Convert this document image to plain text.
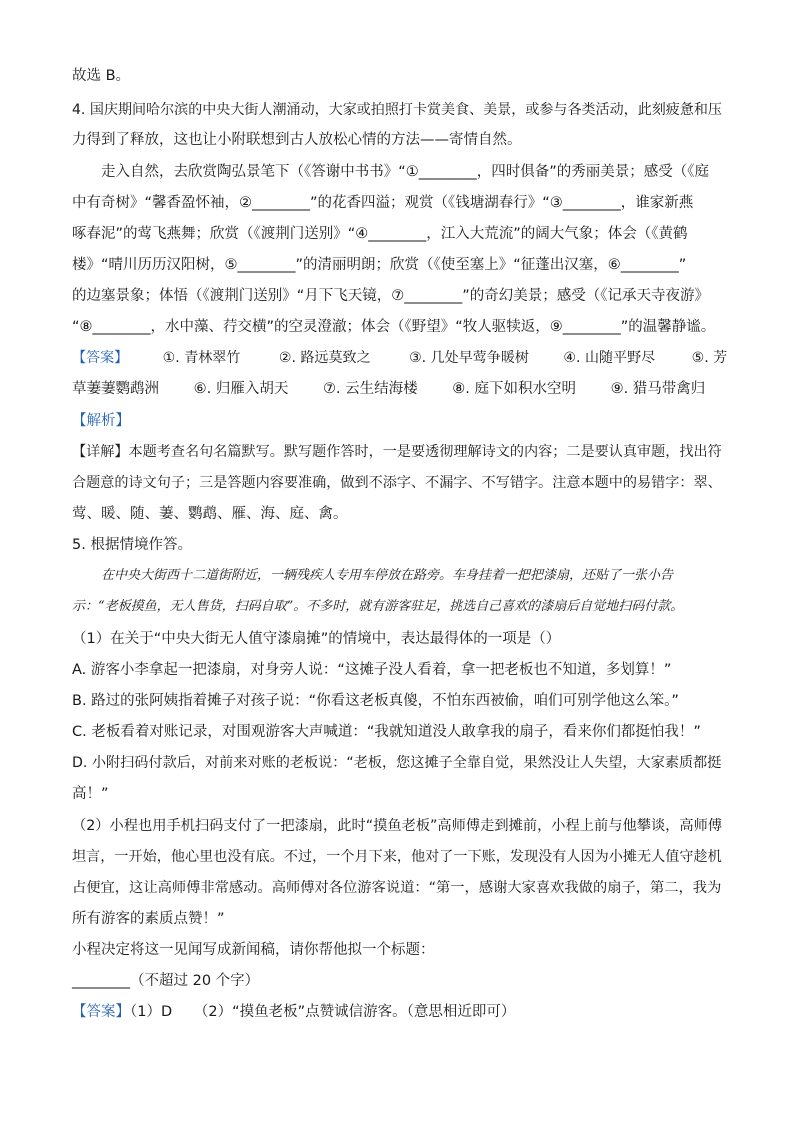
故选 B。
4. 国庆期间哈尔滨的中央大街人潮涌动，大家或拍照打卡赏美食、美景，或参与各类活动，此刻疲惫和压
力得到了释放，这也让小附联想到古人放松心情的方法——寄情自然。
走入自然，去欣赏陶弘景笔下（《答谢中书书》“①________，四时俱备”的秀丽美景；感受（《庭
中有奇树》“馨香盈怀袖，②________”的花香四溢；观赏（《钱塘湖春行》“③________，谁家新燕
啄春泥”的莺飞燕舞；欣赏（《渡荆门送别》“④________，江入大荒流”的阔大气象；体会（《黄鹤
楼》“晴川历历汉阳树，⑤________”的清丽明朗；欣赏（《使至塞上》“征蓬出汉塞，⑥________”
的边塞景象；体悟（《渡荆门送别》“月下飞天镜，⑦________”的奇幻美景；感受（《记承天寺夜游》
“⑧________，水中藻、荇交横”的空灵澄澈；体会（《野望》“牧人驱犊返，⑨________”的温馨静谧。
【答案】 ①. 青林翠竹	②. 路远莫致之	③. 几处早莺争暖树 ④. 山随平野尽	⑤. 芳
草萋萋鹦鹉洲 ⑥. 归雁入胡天 ⑦. 云生结海楼 ⑧. 庭下如积水空明 ⑨. 猎马带禽归
【解析】
【详解】本题考查名句名篇默写。默写题作答时，一是要透彻理解诗文的内容；二是要认真审题，找出符
合题意的诗文句子；三是答题内容要准确，做到不添字、不漏字、不写错字。注意本题中的易错字：翠、
莺、暖、随、萋、鹦鹉、雁、海、庭、禽。
5. 根据情境作答。
在中央大街西十二道街附近，一辆残疾人专用车停放在路旁。车身挂着一把把漆扇，还贴了一张小告
示：“老板摸鱼，无人售货，扫码自取”。不多时，就有游客驻足，挑选自己喜欢的漆扇后自觉地扫码付款。
（1）在关于“中央大街无人值守漆扇摊”的情境中，表达最得体的一项是（）
A. 游客小李拿起一把漆扇，对身旁人说：“这摊子没人看着，拿一把老板也不知道，多划算！”
B. 路过的张阿姨指着摊子对孩子说：“你看这老板真傻，不怕东西被偷，咱们可别学他这么笨。”
C. 老板看着对账记录，对围观游客大声喊道：“我就知道没人敢拿我的扇子，看来你们都挺怕我！”
D. 小附扫码付款后，对前来对账的老板说：“老板，您这摊子全靠自觉，果然没让人失望，大家素质都挺
高！”
（2）小程也用手机扫码支付了一把漆扇，此时“摸鱼老板”高师傅走到摊前，小程上前与他攀谈，高师傅
坦言，一开始，他心里也没有底。不过，一个月下来，他对了一下账，发现没有人因为小摊无人值守趁机
占便宜，这让高师傅非常感动。高师傅对各位游客说道：“第一，感谢大家喜欢我做的扇子，第二，我为
所有游客的素质点赞！”
小程决定将这一见闻写成新闻稿，请你帮他拟一个标题：
________（不超过 20 个字）
【答案】（1）D　　（2）“摸鱼老板”点赞诚信游客。（意思相近即可）
